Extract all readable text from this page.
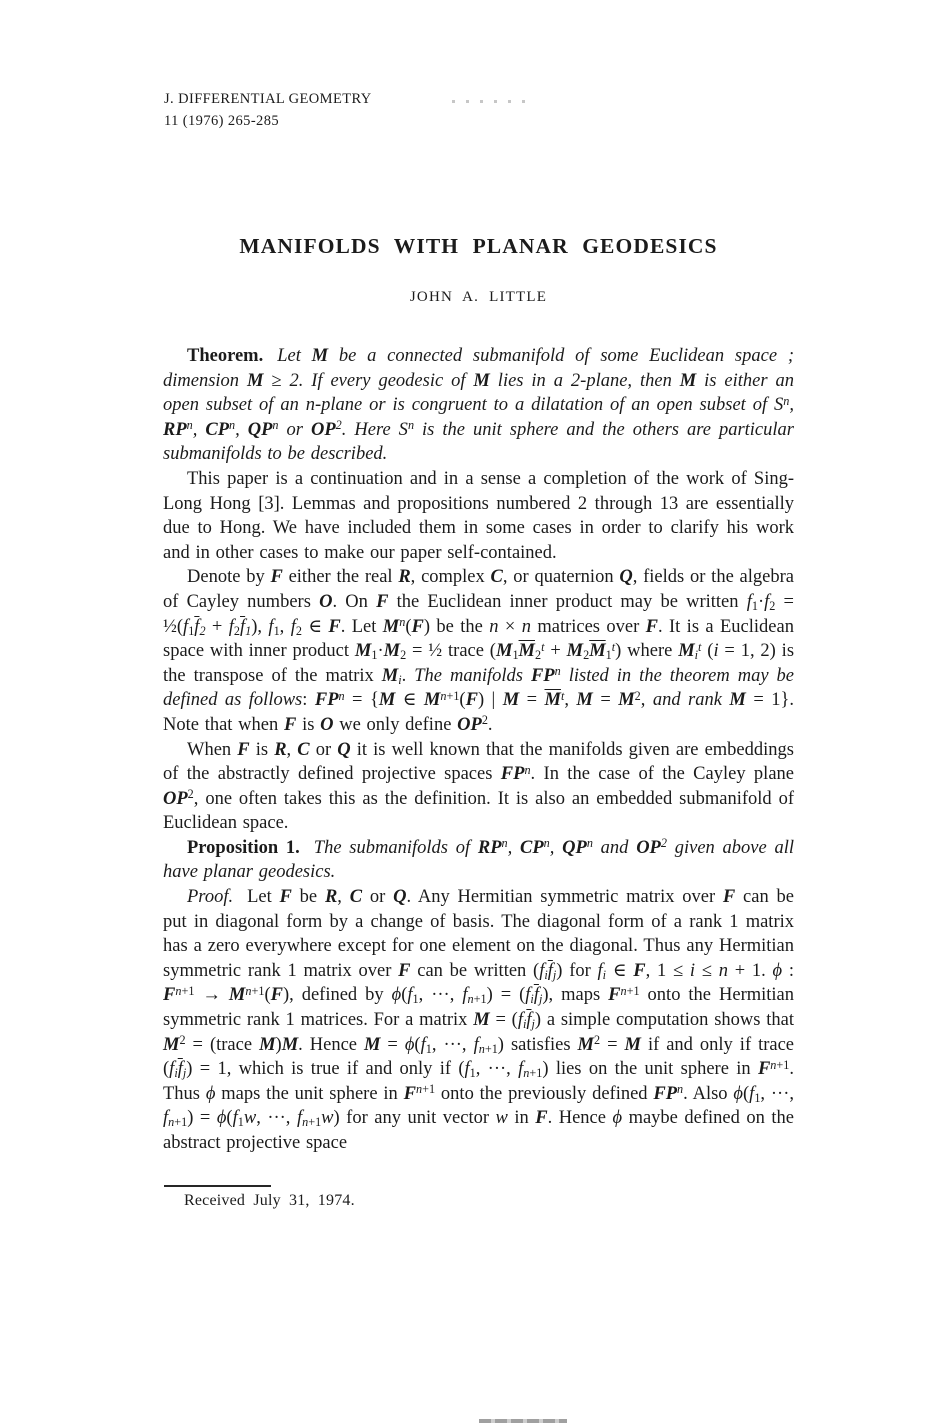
J. DIFFERENTIAL GEOMETRY
11 (1976) 265-285
MANIFOLDS WITH PLANAR GEODESICS
JOHN A. LITTLE

Theorem. Let M be a connected submanifold of some Euclidean space ; dimension M ≥ 2. If every geodesic of M lies in a 2-plane, then M is either an open subset of an n-plane or is congruent to a dilatation of an open subset of $S^n$, $RP^n$, $CP^n$, $QP^n$ or $OP^2$. Here $S^n$ is the unit sphere and the others are particular submanifolds to be described.

This paper is a continuation and in a sense a completion of the work of Sing-Long Hong [3]. Lemmas and propositions numbered 2 through 13 are essentially due to Hong. We have included them in some cases in order to clarify his work and in other cases to make our paper self-contained.

Denote by F either the real R, complex C, or quaternion Q, fields or the algebra of Cayley numbers O. On F the Euclidean inner product may be written $f_1\cdot f_2$ = $\frac{1}{2}(f_1\overline{f}_2 + f_2\overline{f}_1)$, $f_1$, $f_2$ ∈ F. Let $M^n(F)$ be the n × n matrices over F. It is a Euclidean space with inner product $M_1\cdot M_2$ = ½ trace $(M_1\overline{M}_2^t + M_2\overline{M}_1^t)$ where $M_i^t$ (i = 1, 2) is the transpose of the matrix $M_i$. The manifolds $FP^n$ listed in the theorem may be defined as follows: $FP^n = \{M$ ∈ $M^{n+1}(F)$ | $M = \overline{M}^t$, $M = M^2$, and rank M = 1}. Note that when F is O we only define $OP^2$.

When F is R, C or Q it is well known that the manifolds given are embeddings of the abstractly defined projective spaces $FP^n$. In the case of the Cayley plane $OP^2$, one often takes this as the definition. It is also an embedded submanifold of Euclidean space.

Proposition 1. The submanifolds of $RP^n$, $CP^n$, $QP^n$ and $OP^2$ given above all have planar geodesics.

Proof. Let F be R, C or Q. Any Hermitian symmetric matrix over F can be put in diagonal form by a change of basis. The diagonal form of a rank 1 matrix has a zero everywhere except for one element on the diagonal. Thus any Hermitian symmetric rank 1 matrix over F can be written $(f_i\overline{f}_j)$ for $f_i$ ∈ F, 1 ≤ i ≤ n + 1. ϕ : $F^{n+1} \to M^{n+1}(F)$, defined by $\phi(f_1$, ···, $f_{n+1}) = (f_i\overline{f}_j)$, maps $F^{n+1}$ onto the Hermitian symmetric rank 1 matrices. For a matrix $M = (f_i\overline{f}_j)$ a simple computation shows that $M^2$ = (trace M)M. Hence $M = \phi(f_1$, ···, $f_{n+1}$) satisfies $M^2 = M$ if and only if trace $(f_i\overline{f}_j) = 1$, which is true if and only if ($f_1$, ···, $f_{n+1}$) lies on the unit sphere in $F^{n+1}$. Thus ϕ maps the unit sphere in $F^{n+1}$ onto the previously defined $FP^n$. Also $\phi(f_1$, ···, $f_{n+1}) = \phi(f_1w$, ···, $f_{n+1}w$) for any unit vector w in F. Hence ϕ maybe defined on the abstract projective space

Received July 31, 1974.
